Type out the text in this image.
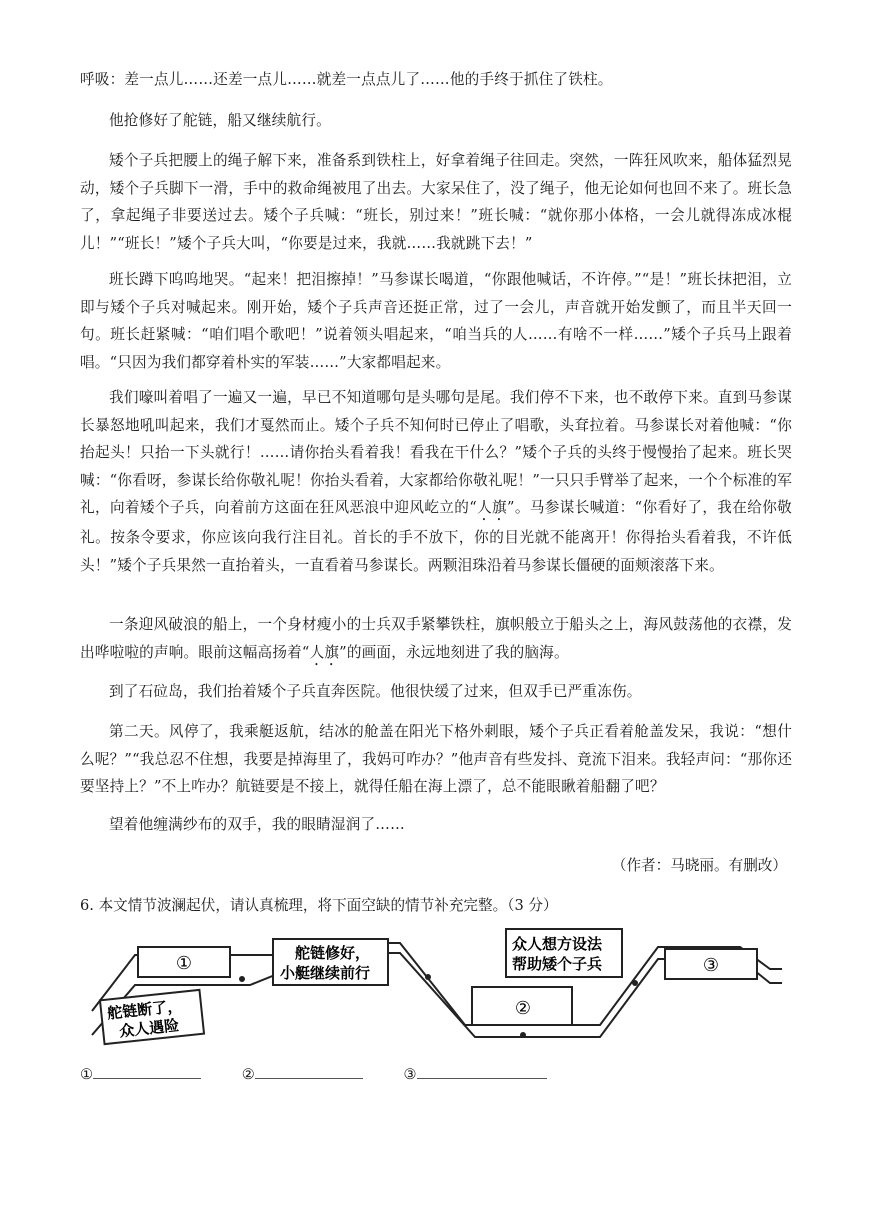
呼吸：差一点儿……还差一点儿……就差一点点儿了……他的手终于抓住了铁柱。

他抢修好了舵链，船又继续航行。

矮个子兵把腰上的绳子解下来，准备系到铁柱上，好拿着绳子往回走。突然，一阵狂风吹来，船体猛烈晃动，矮个子兵脚下一滑，手中的救命绳被甩了出去。大家呆住了，没了绳子，他无论如何也回不来了。班长急了，拿起绳子非要送过去。矮个子兵喊：“班长，别过来！”班长喊：“就你那小体格，一会儿就得冻成冰棍儿！”“班长！”矮个子兵大叫，“你要是过来，我就……我就跳下去！”

班长蹲下呜呜地哭。“起来！把泪擦掉！”马参谋长喝道，“你跟他喊话，不许停。”“是！”班长抹把泪，立即与矮个子兵对喊起来。刚开始，矮个子兵声音还挺正常，过了一会儿，声音就开始发颤了，而且半天回一句。班长赶紧喊：“咱们唱个歌吧！”说着领头唱起来，“咱当兵的人……有啥不一样……”矮个子兵马上跟着唱。“只因为我们都穿着朴实的军装……”大家都唱起来。

我们嚎叫着唱了一遍又一遍，早已不知道哪句是头哪句是尾。我们停不下来，也不敢停下来。直到马参谋长暴怒地吼叫起来，我们才戛然而止。矮个子兵不知何时已停止了唱歌，头耷拉着。马参谋长对着他喊：“你抬起头！只抬一下头就行！……请你抬头看着我！看我在干什么？”矮个子兵的头终于慢慢抬了起来。班长哭喊：“你看呀，参谋长给你敬礼呢！你抬头看着，大家都给你敬礼呢！”一只只手臂举了起来，一个个标准的军礼，向着矮个子兵，向着前方这面在狂风恶浪中迎风屹立的“人旗”。马参谋长喊道：“你看好了，我在给你敬礼。按条令要求，你应该向我行注目礼。首长的手不放下，你的目光就不能离开！你得抬头看着我，不许低头！”矮个子兵果然一直抬着头，一直看着马参谋长。两颗泪珠沿着马参谋长僵硬的面颊滚落下来。

一条迎风破浪的船上，一个身材瘦小的士兵双手紧攀铁柱，旗帜般立于船头之上，海风鼓荡他的衣襟，发出哗啦啦的声响。眼前这幅高扬着“人旗”的画面，永远地刻进了我的脑海。

到了石砬岛，我们抬着矮个子兵直奔医院。他很快缓了过来，但双手已严重冻伤。

第二天。风停了，我乘艇返航，结冰的舱盖在阳光下格外刺眼，矮个子兵正看着舱盖发呆，我说：“想什么呢？”“我总忍不住想，我要是掉海里了，我妈可咋办？”他声音有些发抖、竟流下泪来。我轻声问：“那你还要坚持上？”不上咋办？航链要是不接上，就得任船在海上漂了，总不能眼瞅着船翻了吧？

望着他缠满纱布的双手，我的眼睛湿润了……

（作者：马晓丽。有删改）
6. 本文情节波澜起伏，请认真梳理，将下面空缺的情节补充完整。（3 分）
①
舵链断了，
众人遇险
舵链修好，
小艇继续前行
②
众人想方设法
帮助矮个子兵	③
①	②	③
